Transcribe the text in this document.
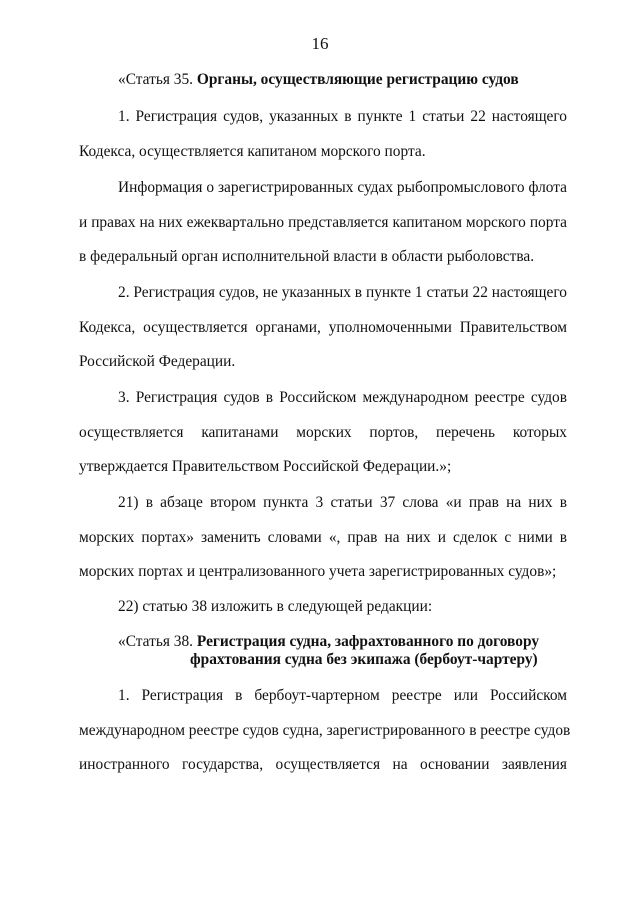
16
«Статья 35. Органы, осуществляющие регистрацию судов
1. Регистрация судов, указанных в пункте 1 статьи 22 настоящего
Кодекса, осуществляется капитаном морского порта.
Информация о зарегистрированных судах рыбопромыслового флота
и правах на них ежеквартально представляется капитаном морского порта
в федеральный орган исполнительной власти в области рыболовства.
2. Регистрация судов, не указанных в пункте 1 статьи 22 настоящего
Кодекса, осуществляется органами, уполномоченными Правительством
Российской Федерации.
3. Регистрация судов в Российском международном реестре судов
осуществляется капитанами морских портов, перечень которых
утверждается Правительством Российской Федерации.»;
21) в абзаце втором пункта 3 статьи 37 слова «и прав на них в
морских портах» заменить словами «, прав на них и сделок с ними в
морских портах и централизованного учета зарегистрированных судов»;
22) статью 38 изложить в следующей редакции:
«Статья 38. Регистрация судна, зафрахтованного по договору
фрахтования судна без экипажа (бербоут-чартеру)
1. Регистрация в бербоут-чартерном реестре или Российском
международном реестре судов судна, зарегистрированного в реестре судов
иностранного государства, осуществляется на основании заявления
